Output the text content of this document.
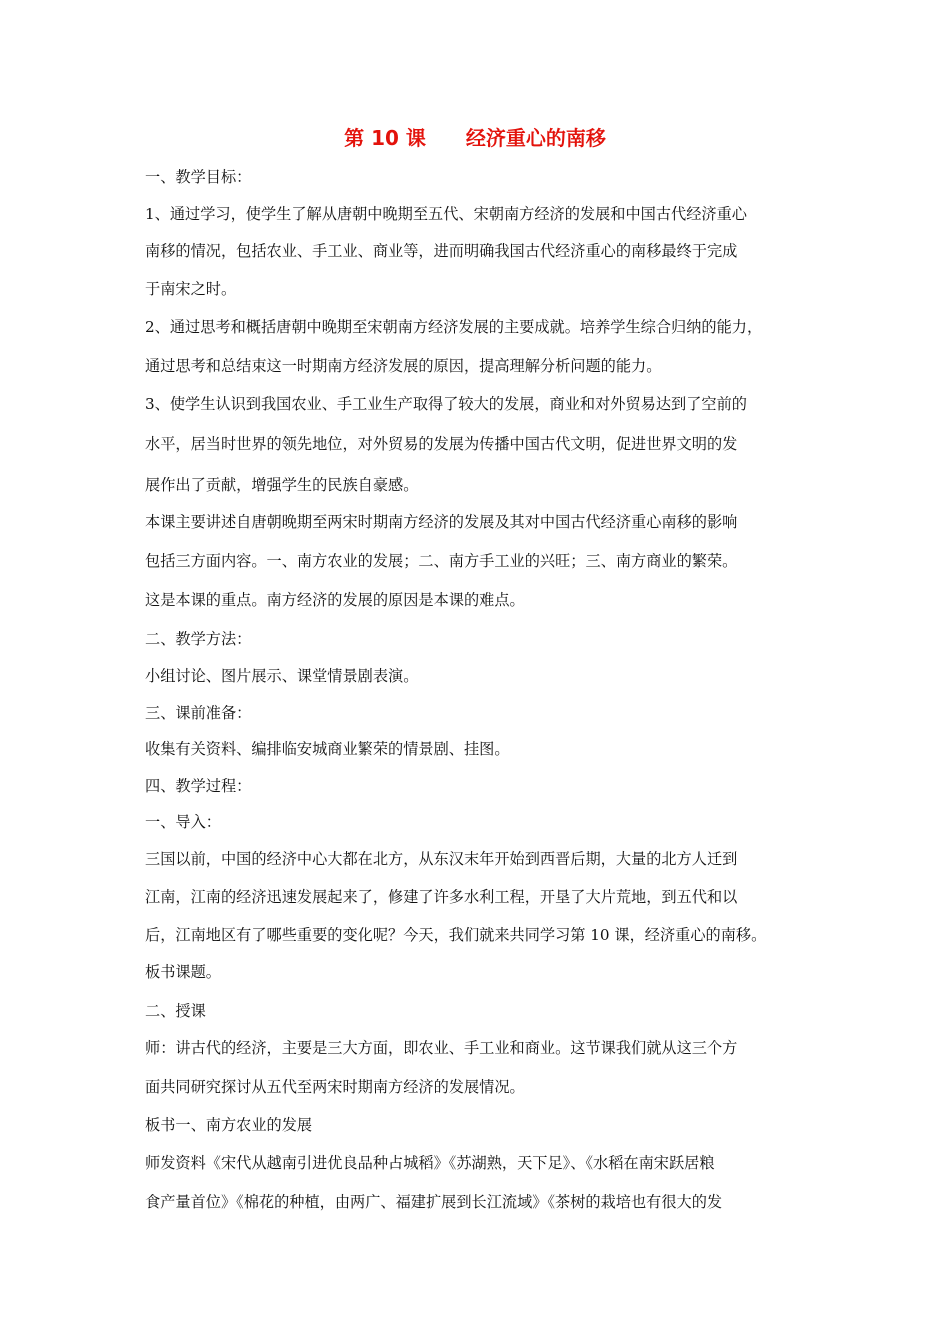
第 10 课　　经济重心的南移
一、教学目标：
1、通过学习，使学生了解从唐朝中晚期至五代、宋朝南方经济的发展和中国古代经济重心
南移的情况，包括农业、手工业、商业等，进而明确我国古代经济重心的南移最终于完成
于南宋之时。
2、通过思考和概括唐朝中晚期至宋朝南方经济发展的主要成就。培养学生综合归纳的能力，
通过思考和总结束这一时期南方经济发展的原因，提高理解分析问题的能力。
3、使学生认识到我国农业、手工业生产取得了较大的发展，商业和对外贸易达到了空前的
水平，居当时世界的领先地位，对外贸易的发展为传播中国古代文明，促进世界文明的发
展作出了贡献，增强学生的民族自豪感。
本课主要讲述自唐朝晚期至两宋时期南方经济的发展及其对中国古代经济重心南移的影响
包括三方面内容。一、南方农业的发展；二、南方手工业的兴旺；三、南方商业的繁荣。
这是本课的重点。南方经济的发展的原因是本课的难点。
二、教学方法：
小组讨论、图片展示、课堂情景剧表演。
三、课前准备：
收集有关资料、编排临安城商业繁荣的情景剧、挂图。
四、教学过程：
一、导入：
三国以前，中国的经济中心大都在北方，从东汉末年开始到西晋后期，大量的北方人迁到
江南，江南的经济迅速发展起来了，修建了许多水利工程，开垦了大片荒地，到五代和以
后，江南地区有了哪些重要的变化呢？今天，我们就来共同学习第 10 课，经济重心的南移。
板书课题。
二、授课
师：讲古代的经济，主要是三大方面，即农业、手工业和商业。这节课我们就从这三个方
面共同研究探讨从五代至两宋时期南方经济的发展情况。
板书一、南方农业的发展
师发资料《宋代从越南引进优良品种占城稻》《苏湖熟，天下足》、《水稻在南宋跃居粮
食产量首位》《棉花的种植，由两广、福建扩展到长江流域》《茶树的栽培也有很大的发
